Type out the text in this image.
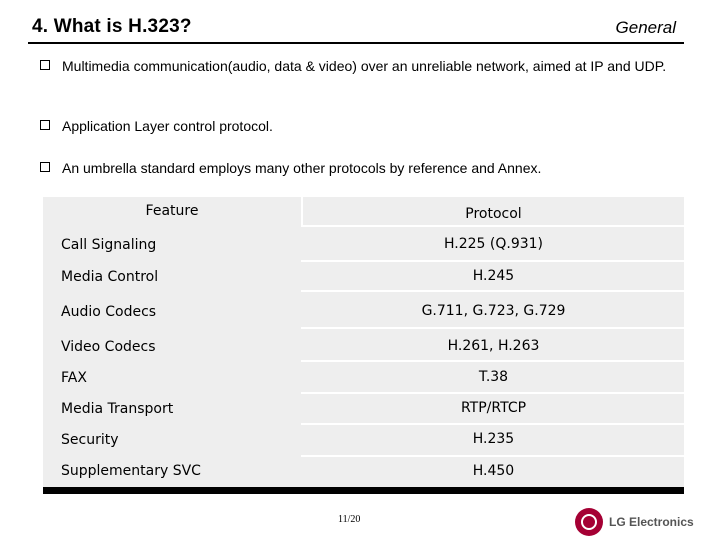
4. What is H.323?	General
Multimedia communication(audio, data & video) over an unreliable network, aimed at IP and UDP.
Application Layer control protocol.
An umbrella standard employs many other protocols by reference and Annex.
Feature	Protocol
Call Signaling	H.225 (Q.931)
Media Control	H.245
Audio Codecs	G.711, G.723, G.729
Video Codecs	H.261, H.263
FAX	T.38
Media Transport	RTP/RTCP
Security	H.235
Supplementary SVC	H.450
11/20	LG Electronics
